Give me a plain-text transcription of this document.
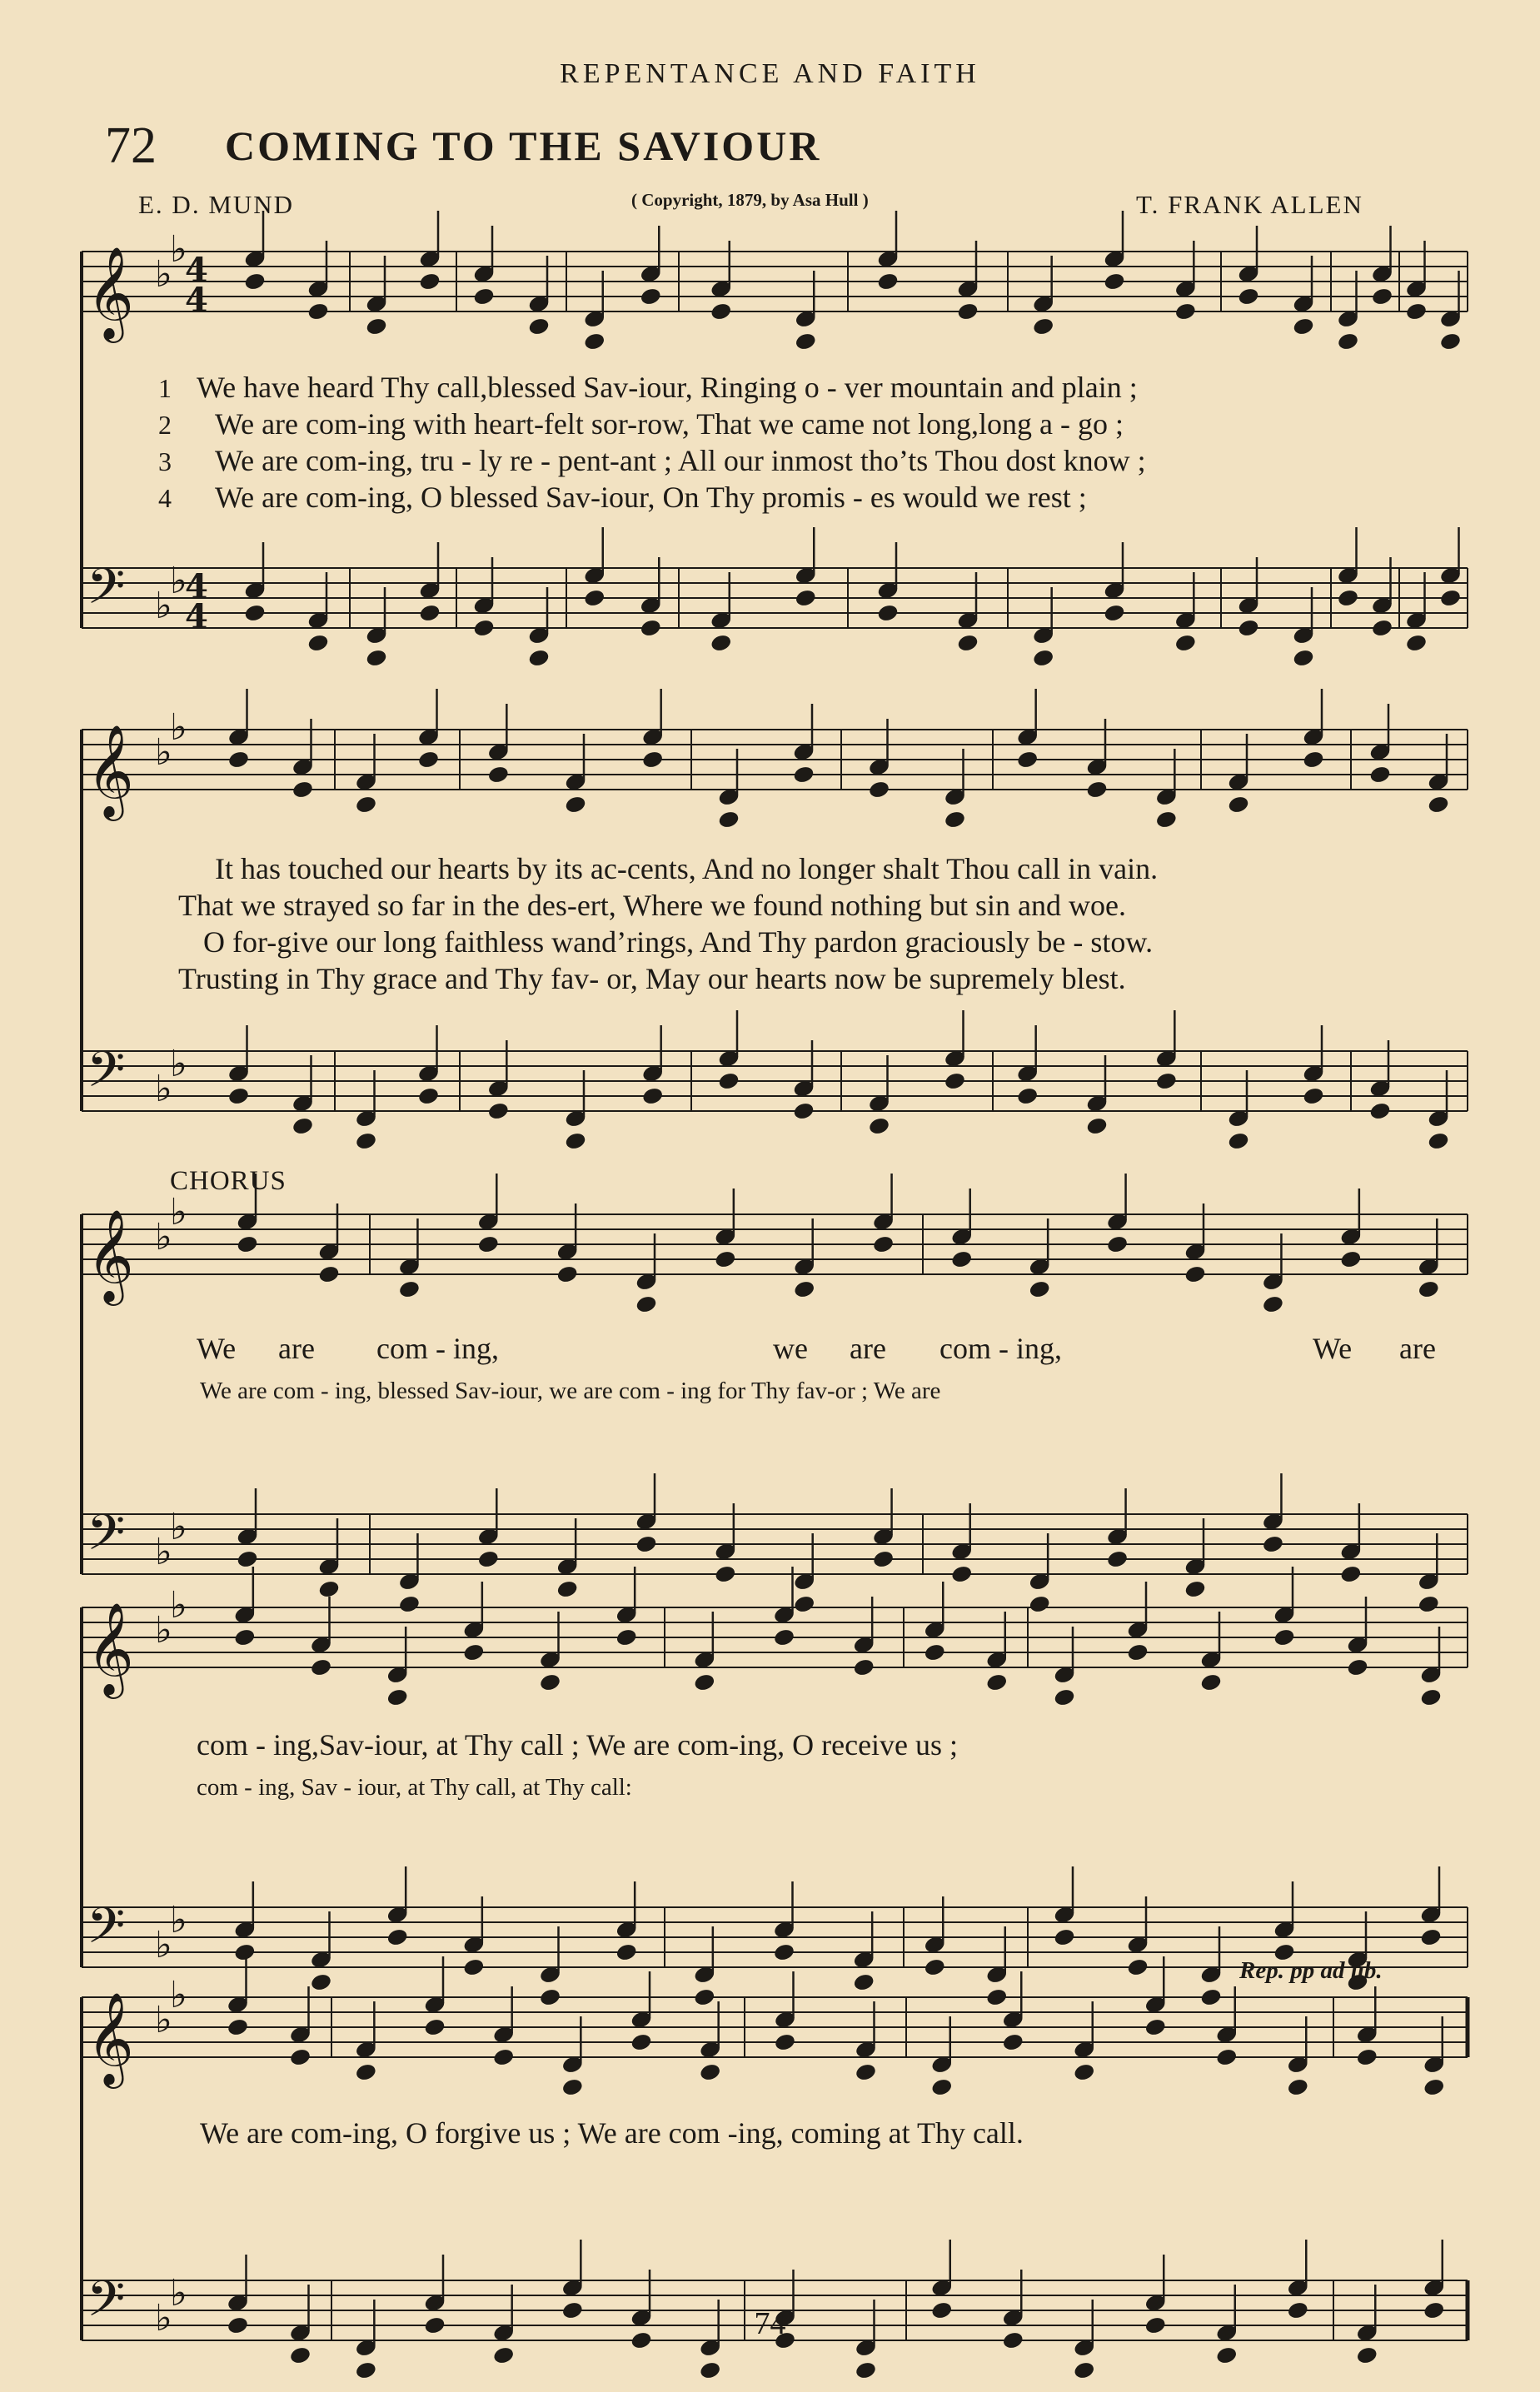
REPENTANCE AND FAITH
72 COMING TO THE SAVIOUR
E. D. MUND	( Copyright, 1879, by Asa Hull )	T. FRANK ALLEN
𝄞 ♭
♭
4
4
𝄢 ♭
♭
4
4
𝄞 ♭
♭
𝄢 ♭
♭
𝄞 ♭
♭
𝄢 ♭
♭
𝄞 ♭
♭
𝄢 ♭
♭
𝄞 ♭
♭
𝄢 ♭
♭
1 We have heard Thy call,blessed Sav-iour, Ringing o - ver mountain and plain ;
2 We are com-ing with heart-felt sor-row, That we came not long,long a - go ;
3 We are com-ing, tru - ly re - pent-ant ; All our inmost tho’ts Thou dost know ;
4 We are com-ing, O blessed Sav-iour, On Thy promis - es would we rest ;
It has touched our hearts by its ac-cents, And no longer shalt Thou call in vain.
That we strayed so far in the des-ert, Where we found nothing but sin and woe.
O for-give our long faithless wand’rings, And Thy pardon graciously be - stow.
Trusting in Thy grace and Thy fav- or, May our hearts now be supremely blest.
CHORUS
We are com - ing,	we are com - ing,	We are
We are com - ing, blessed Sav-iour, we are com - ing for Thy fav-or ; We are
com - ing,Sav-iour, at Thy call ; We are com-ing, O receive us ;
com - ing, Sav - iour, at Thy call, at Thy call:
Rep. pp ad lib.
We are com-ing, O forgive us ; We are com -ing, coming at Thy call.
74
